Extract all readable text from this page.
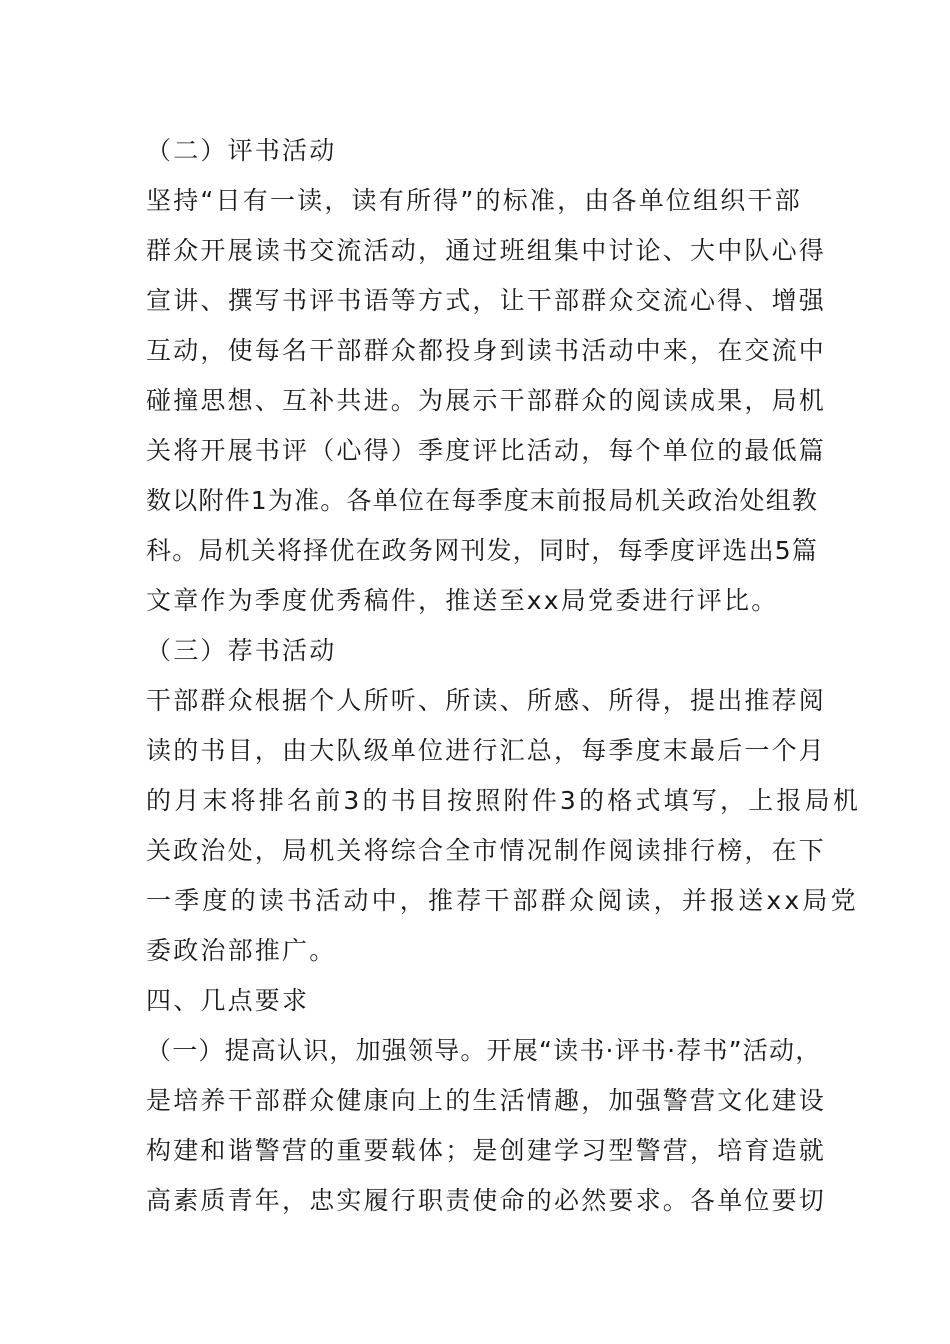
（二）评书活动
坚持“日有一读，读有所得”的标准，由各单位组织干部
群众开展读书交流活动，通过班组集中讨论、大中队心得
宣讲、撰写书评书语等方式，让干部群众交流心得、增强
互动，使每名干部群众都投身到读书活动中来，在交流中
碰撞思想、互补共进。为展示干部群众的阅读成果，局机
关将开展书评（心得）季度评比活动，每个单位的最低篇
数以附件1为准。各单位在每季度末前报局机关政治处组教
科。局机关将择优在政务网刊发，同时，每季度评选出5篇
文章作为季度优秀稿件，推送至xx局党委进行评比。
（三）荐书活动
干部群众根据个人所听、所读、所感、所得，提出推荐阅
读的书目，由大队级单位进行汇总，每季度末最后一个月
的月末将排名前3的书目按照附件3的格式填写，上报局机
关政治处，局机关将综合全市情况制作阅读排行榜，在下
一季度的读书活动中，推荐干部群众阅读，并报送xx局党
委政治部推广。
四、几点要求
（一）提高认识，加强领导。开展“读书·评书·荐书”活动，
是培养干部群众健康向上的生活情趣，加强警营文化建设
构建和谐警营的重要载体；是创建学习型警营，培育造就
高素质青年，忠实履行职责使命的必然要求。各单位要切
